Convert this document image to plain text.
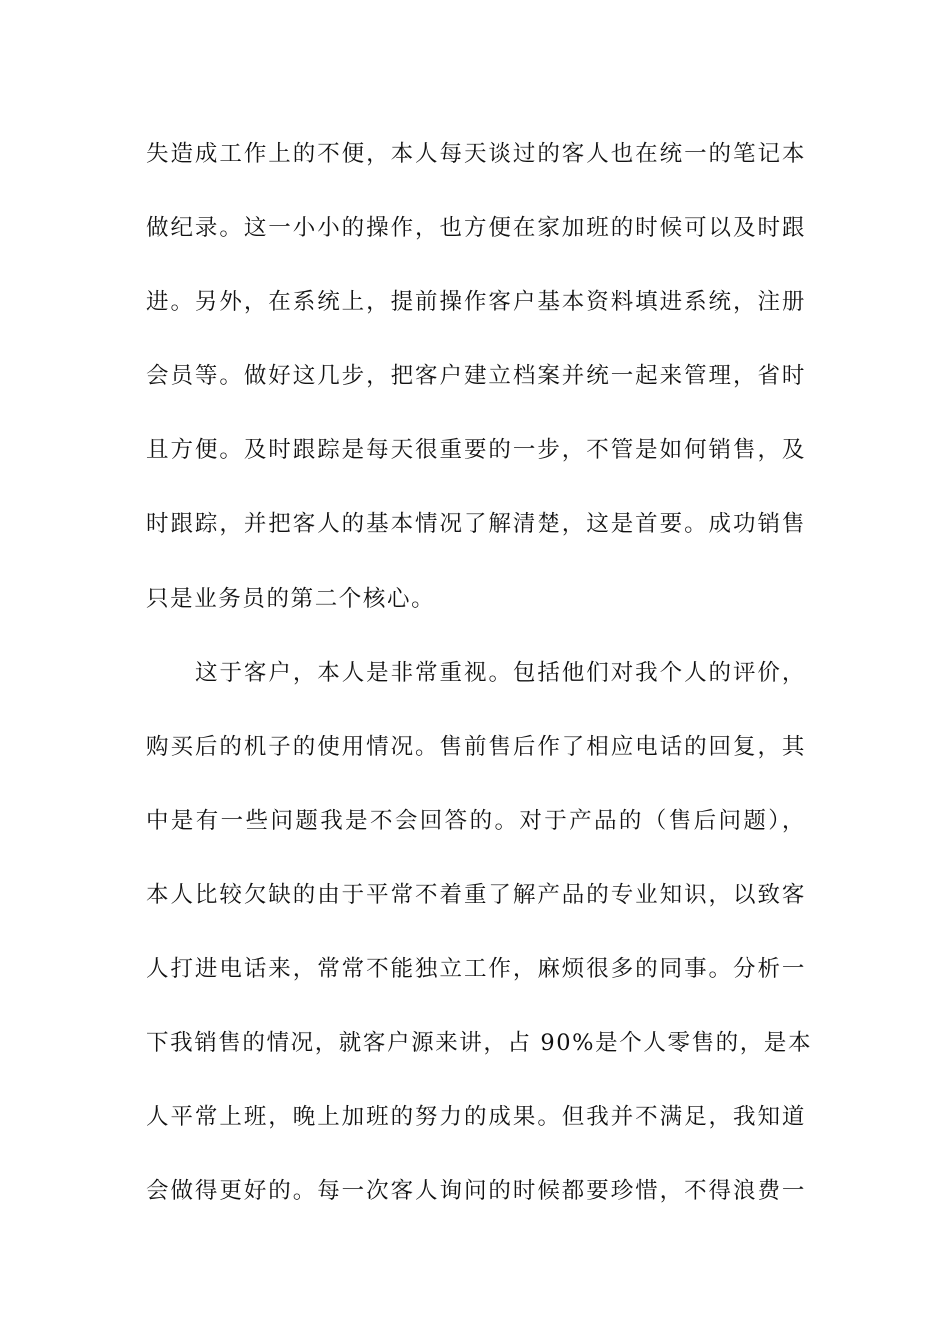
失造成工作上的不便，本人每天谈过的客人也在统一的笔记本
做纪录。这一小小的操作，也方便在家加班的时候可以及时跟
进。另外，在系统上，提前操作客户基本资料填进系统，注册
会员等。做好这几步，把客户建立档案并统一起来管理，省时
且方便。及时跟踪是每天很重要的一步，不管是如何销售，及
时跟踪，并把客人的基本情况了解清楚，这是首要。成功销售
只是业务员的第二个核心。
这于客户，本人是非常重视。包括他们对我个人的评价，
购买后的机子的使用情况。售前售后作了相应电话的回复，其
中是有一些问题我是不会回答的。对于产品的（售后问题），
本人比较欠缺的由于平常不着重了解产品的专业知识，以致客
人打进电话来，常常不能独立工作，麻烦很多的同事。分析一
下我销售的情况，就客户源来讲，占 90%是个人零售的，是本
人平常上班，晚上加班的努力的成果。但我并不满足，我知道
会做得更好的。每一次客人询问的时候都要珍惜，不得浪费一
